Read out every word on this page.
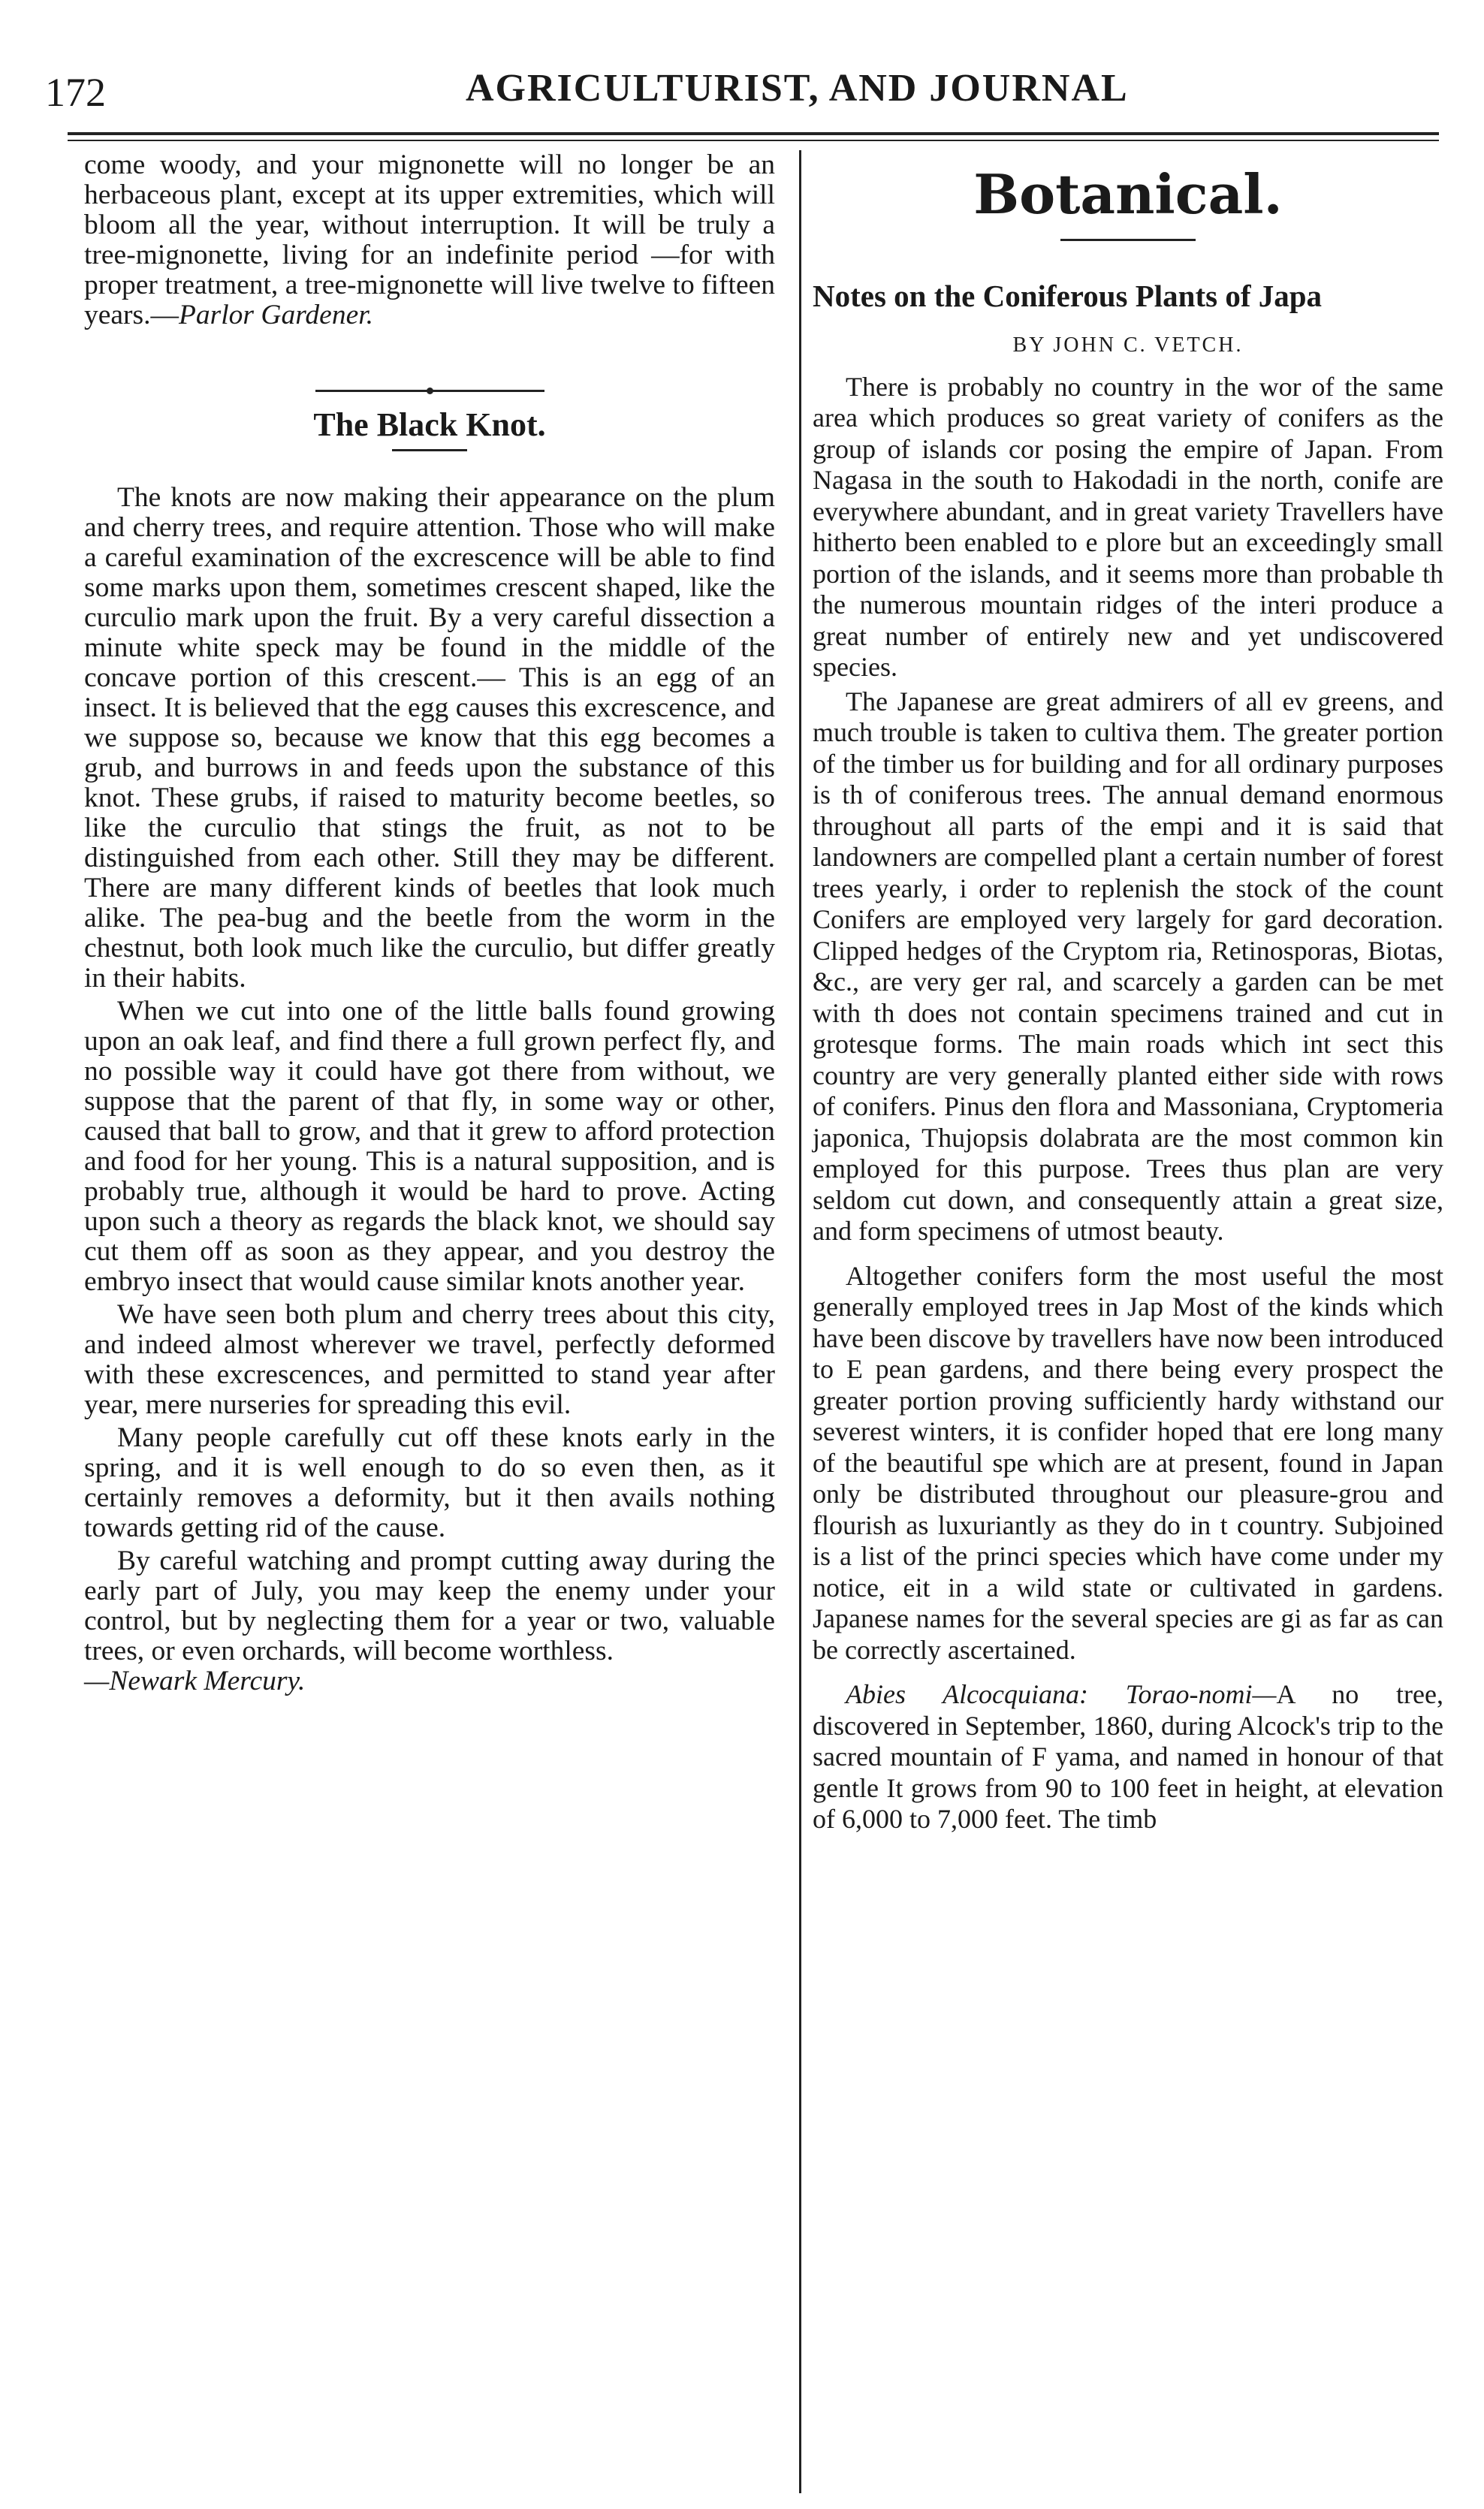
172	AGRICULTURIST, AND JOURNAL

come woody, and your mignonette will no longer be an herbaceous plant, except at its upper extremities, which will bloom all the year, without interruption. It will be truly a tree-mignonette, living for an indefinite period —for with proper treatment, a tree-mignonette will live twelve to fifteen years.—Parlor Gardener.

The Black Knot.

The knots are now making their appearance on the plum and cherry trees, and require attention. Those who will make a careful examination of the excrescence will be able to find some marks upon them, sometimes crescent shaped, like the curculio mark upon the fruit. By a very careful dissection a minute white speck may be found in the middle of the concave portion of this crescent.— This is an egg of an insect. It is believed that the egg causes this excrescence, and we suppose so, because we know that this egg becomes a grub, and burrows in and feeds upon the substance of this knot. These grubs, if raised to maturity become beetles, so like the curculio that stings the fruit, as not to be distinguished from each other. Still they may be different. There are many different kinds of beetles that look much alike. The pea-bug and the beetle from the worm in the chestnut, both look much like the curculio, but differ greatly in their habits.

When we cut into one of the little balls found growing upon an oak leaf, and find there a full grown perfect fly, and no possible way it could have got there from without, we suppose that the parent of that fly, in some way or other, caused that ball to grow, and that it grew to afford protection and food for her young. This is a natural supposition, and is probably true, although it would be hard to prove. Acting upon such a theory as regards the black knot, we should say cut them off as soon as they appear, and you destroy the embryo insect that would cause similar knots another year.

We have seen both plum and cherry trees about this city, and indeed almost wherever we travel, perfectly deformed with these excrescences, and permitted to stand year after year, mere nurseries for spreading this evil.

Many people carefully cut off these knots early in the spring, and it is well enough to do so even then, as it certainly removes a deformity, but it then avails nothing towards getting rid of the cause.

By careful watching and prompt cutting away during the early part of July, you may keep the enemy under your control, but by neglecting them for a year or two, valuable trees, or even orchards, will become worthless.
—Newark Mercury.

Botanical.
Notes on the Coniferous Plants of Japa
BY JOHN C. VETCH.

There is probably no country in the wor of the same area which produces so great variety of conifers as the group of islands cor posing the empire of Japan. From Nagasa in the south to Hakodadi in the north, conife are everywhere abundant, and in great variety Travellers have hitherto been enabled to e plore but an exceedingly small portion of the islands, and it seems more than probable th the numerous mountain ridges of the interi produce a great number of entirely new and yet undiscovered species.

The Japanese are great admirers of all ev greens, and much trouble is taken to cultiva them. The greater portion of the timber us for building and for all ordinary purposes is th of coniferous trees. The annual demand enormous throughout all parts of the empi and it is said that landowners are compelled plant a certain number of forest trees yearly, i order to replenish the stock of the count Conifers are employed very largely for gard decoration. Clipped hedges of the Cryptom ria, Retinosporas, Biotas, &c., are very ger ral, and scarcely a garden can be met with th does not contain specimens trained and cut in grotesque forms. The main roads which int sect this country are very generally planted either side with rows of conifers. Pinus den flora and Massoniana, Cryptomeria japonica, Thujopsis dolabrata are the most common kin employed for this purpose. Trees thus plan are very seldom cut down, and consequently attain a great size, and form specimens of utmost beauty.

Altogether conifers form the most useful the most generally employed trees in Jap Most of the kinds which have been discove by travellers have now been introduced to E pean gardens, and there being every prospect the greater portion proving sufficiently hardy withstand our severest winters, it is confider hoped that ere long many of the beautiful spe which are at present, found in Japan only be distributed throughout our pleasure-grou and flourish as luxuriantly as they do in t country. Subjoined is a list of the princi species which have come under my notice, eit in a wild state or cultivated in gardens. Japanese names for the several species are gi as far as can be correctly ascertained.

Abies Alcocquiana: Torao-nomi—A no tree, discovered in September, 1860, during Alcock's trip to the sacred mountain of F yama, and named in honour of that gentle It grows from 90 to 100 feet in height, at elevation of 6,000 to 7,000 feet. The timb
